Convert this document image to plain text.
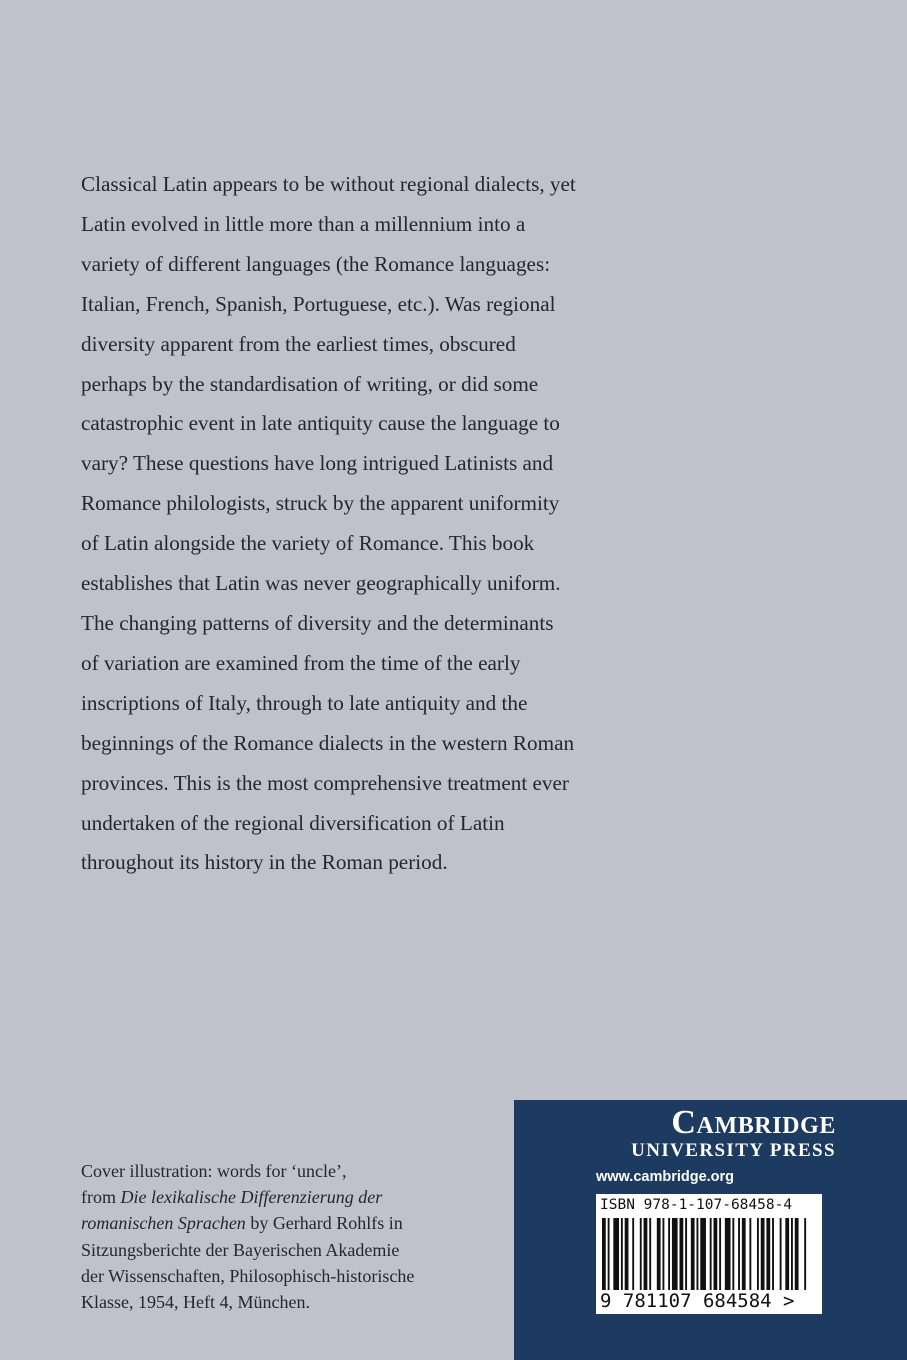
Classical Latin appears to be without regional dialects, yet
Latin evolved in little more than a millennium into a
variety of different languages (the Romance languages:
Italian, French, Spanish, Portuguese, etc.). Was regional
diversity apparent from the earliest times, obscured
perhaps by the standardisation of writing, or did some
catastrophic event in late antiquity cause the language to
vary? These questions have long intrigued Latinists and
Romance philologists, struck by the apparent uniformity
of Latin alongside the variety of Romance. This book
establishes that Latin was never geographically uniform.
The changing patterns of diversity and the determinants
of variation are examined from the time of the early
inscriptions of Italy, through to late antiquity and the
beginnings of the Romance dialects in the western Roman
provinces. This is the most comprehensive treatment ever
undertaken of the regional diversification of Latin
throughout its history in the Roman period.
Cover illustration: words for ‘uncle’,
from Die lexikalische Differenzierung der
romanischen Sprachen by Gerhard Rohlfs in
Sitzungsberichte der Bayerischen Akademie
der Wissenschaften, Philosophisch-historische
Klasse, 1954, Heft 4, München.
Cambridge
UNIVERSITY PRESS
www.cambridge.org
ISBN 978-1-107-68458-4
9 781107 684584 >
